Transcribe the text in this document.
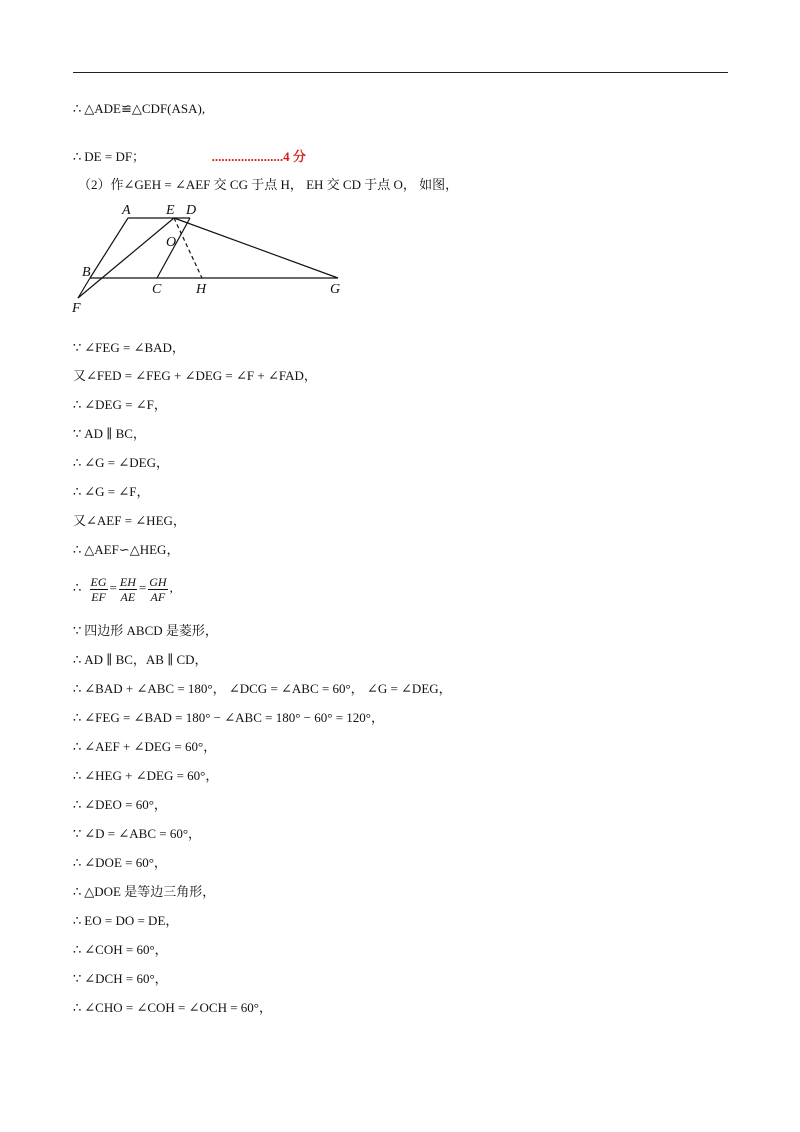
∴ △ADE≌△CDF(ASA),
∴ DE = DF；	......................4 分
（2）作∠GEH = ∠AEF 交 CG 于点 H， EH 交 CD 于点 O， 如图，
A	E D
O
B
C H	G
F
∵ ∠FEG = ∠BAD，
又∠FED = ∠FEG + ∠DEG = ∠F + ∠FAD，
∴ ∠DEG = ∠F，
∵ AD ∥ BC，
∴ ∠G = ∠DEG，
∴ ∠G = ∠F，
又∠AEF = ∠HEG，
∴ △AEF∽△HEG，
∴ $\frac{EG}{EF} = \frac{EH}{AE} = \frac{GH}{AF}$ ,
∵ 四边形 ABCD 是菱形，
∴ AD ∥ BC，AB ∥ CD，
∴ ∠BAD + ∠ABC = 180°， ∠DCG = ∠ABC = 60°， ∠G = ∠DEG，
∴ ∠FEG = ∠BAD = 180° − ∠ABC = 180° − 60° = 120°，
∴ ∠AEF + ∠DEG = 60°，
∴ ∠HEG + ∠DEG = 60°，
∴ ∠DEO = 60°，
∵ ∠D = ∠ABC = 60°，
∴ ∠DOE = 60°，
∴ △DOE 是等边三角形，
∴ EO = DO = DE，
∴ ∠COH = 60°，
∵ ∠DCH = 60°，
∴ ∠CHO = ∠COH = ∠OCH = 60°，
